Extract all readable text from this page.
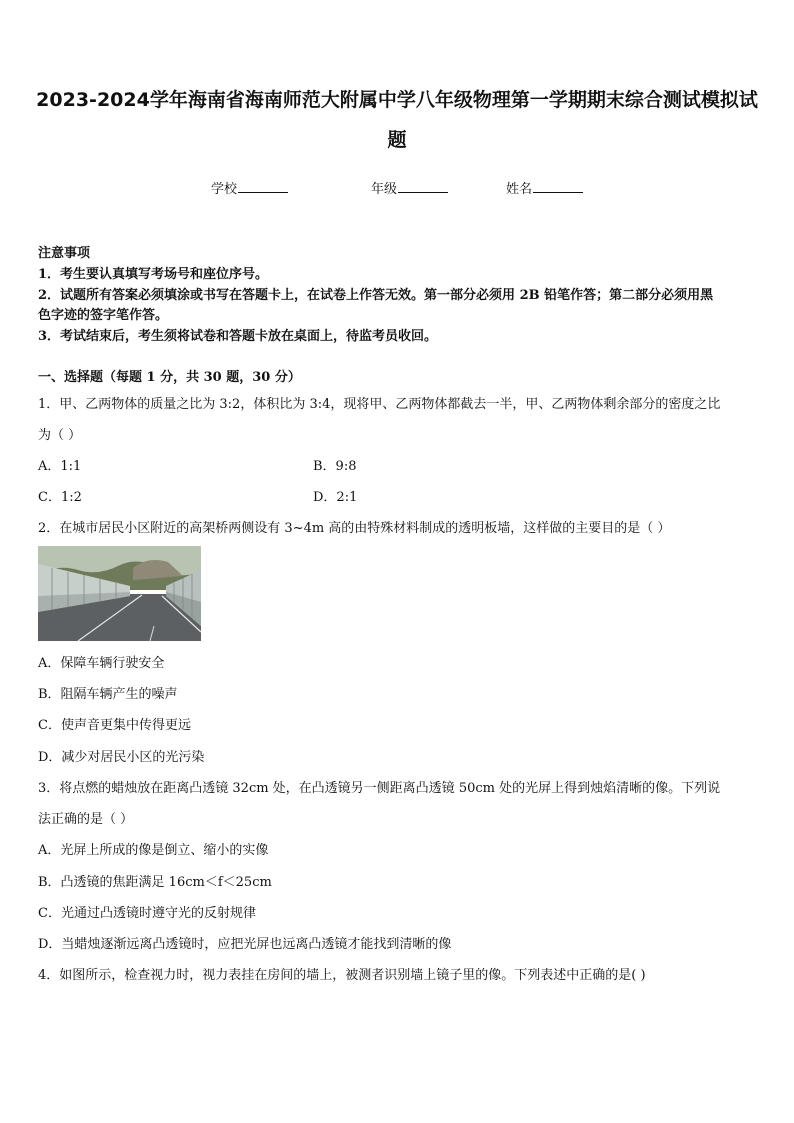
2023-2024学年海南省海南师范大附属中学八年级物理第一学期期末综合测试模拟试
题
学校	年级	姓名
注意事项
1．考生要认真填写考场号和座位序号。
2．试题所有答案必须填涂或书写在答题卡上，在试卷上作答无效。第一部分必须用 2B 铅笔作答；第二部分必须用黑
色字迹的签字笔作答。
3．考试结束后，考生须将试卷和答题卡放在桌面上，待监考员收回。
一、选择题（每题 1 分，共 30 题，30 分）
1．甲、乙两物体的质量之比为 3:2，体积比为 3:4，现将甲、乙两物体都截去一半，甲、乙两物体剩余部分的密度之比
为（ ）
A．1:1	B．9:8
C．1:2	D．2:1
2．在城市居民小区附近的高架桥两侧设有 3~4m 高的由特殊材料制成的透明板墙，这样做的主要目的是（ ）
A．保障车辆行驶安全
B．阻隔车辆产生的噪声
C．使声音更集中传得更远
D．减少对居民小区的光污染
3．将点燃的蜡烛放在距离凸透镜 32cm 处，在凸透镜另一侧距离凸透镜 50cm 处的光屏上得到烛焰清晰的像。下列说
法正确的是（ ）
A．光屏上所成的像是倒立、缩小的实像
B．凸透镜的焦距满足 16cm＜f＜25cm
C．光通过凸透镜时遵守光的反射规律
D．当蜡烛逐渐远离凸透镜时，应把光屏也远离凸透镜才能找到清晰的像
4．如图所示，检查视力时，视力表挂在房间的墙上，被测者识别墙上镜子里的像。下列表述中正确的是( )
